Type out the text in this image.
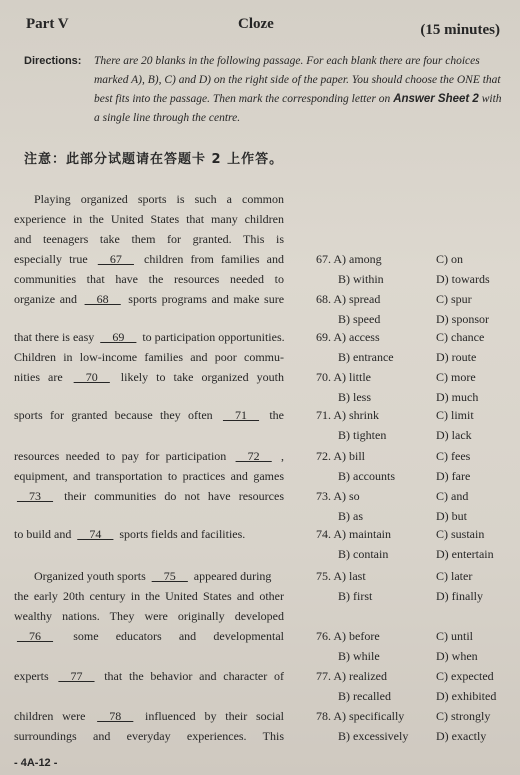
Part V	Cloze	(15 minutes)
Directions: There are 20 blanks in the following passage. For each blank there are four choices marked A), B), C) and D) on the right side of the paper. You should choose the ONE that best fits into the passage. Then mark the corresponding letter on Answer Sheet 2 with a single line through the centre.
注意：此部分试题请在答题卡 2 上作答。
Playing organized sports is such a common
experience in the United States that many children
and teenagers take them for granted. This is
especially true __67__ children from families and
communities that have the resources needed to
organize and __68__ sports programs and make sure
that there is easy __69__ to participation opportunities.
Children in low-income families and poor commu-
nities are __70__ likely to take organized youth
sports for granted because they often __71__ the
resources needed to pay for participation __72__ ,
equipment, and transportation to practices and games
__73__ their communities do not have resources
to build and __74__ sports fields and facilities.
Organized youth sports __75__ appeared during
the early 20th century in the United States and other
wealthy nations. They were originally developed
__76__ some educators and developmental
experts __77__ that the behavior and character of
children were __78__ influenced by their social
surroundings and everyday experiences. This
67. A) among	C) on
B) within	D) towards
68. A) spread	C) spur
B) speed	D) sponsor
69. A) access	C) chance
B) entrance	D) route
70. A) little	C) more
B) less	D) much
71. A) shrink	C) limit
B) tighten	D) lack
72. A) bill	C) fees
B) accounts	D) fare
73. A) so	C) and
B) as	D) but
74. A) maintain	C) sustain
B) contain	D) entertain
75. A) last	C) later
B) first	D) finally
76. A) before	C) until
B) while	D) when
77. A) realized	C) expected
B) recalled	D) exhibited
78. A) specifically	C) strongly
B) excessively D) exactly
- 4A-12 -
